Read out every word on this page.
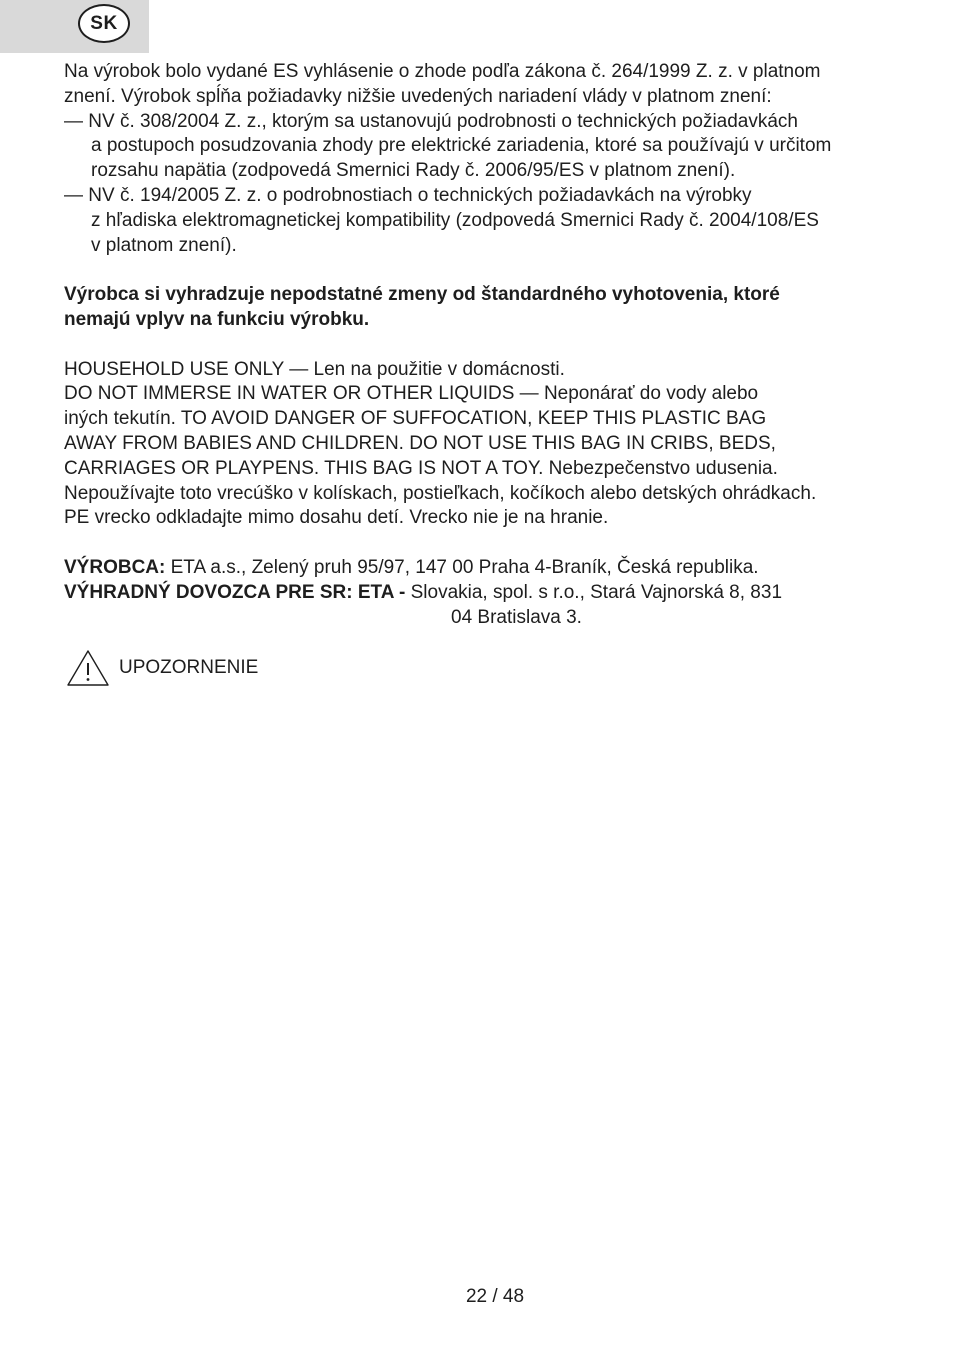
SK

Na výrobok bolo vydané ES vyhlásenie o zhode podľa zákona č. 264/1999 Z. z. v platnom

znení. Výrobok spĺňa požiadavky nižšie uvedených nariadení vlády v platnom znení:

— NV č. 308/2004 Z. z., ktorým sa ustanovujú podrobnosti o technických požiadavkách

a postupoch posudzovania zhody pre elektrické zariadenia, ktoré sa používajú v určitom

rozsahu napätia (zodpovedá Smernici Rady č. 2006/95/ES v platnom znení).

— NV č. 194/2005 Z. z. o podrobnostiach o technických požiadavkách na výrobky

z hľadiska elektromagnetickej kompatibility (zodpovedá Smernici Rady č. 2004/108/ES

v platnom znení).

Výrobca si vyhradzuje nepodstatné zmeny od štandardného vyhotovenia, ktoré

nemajú vplyv na funkciu výrobku.

HOUSEHOLD USE ONLY — Len na použitie v domácnosti.

DO NOT IMMERSE IN WATER OR OTHER LIQUIDS — Neponárať do vody alebo

iných tekutín. TO AVOID DANGER OF SUFFOCATION, KEEP THIS PLASTIC BAG

AWAY FROM BABIES AND CHILDREN. DO NOT USE THIS BAG IN CRIBS, BEDS,

CARRIAGES OR PLAYPENS. THIS BAG IS NOT A TOY. Nebezpečenstvo udusenia.

Nepoužívajte toto vrecúško v kolískach, postieľkach, kočíkoch alebo detských ohrádkach.

PE vrecko odkladajte mimo dosahu detí. Vrecko nie je na hranie.

VÝROBCA: ETA a.s., Zelený pruh 95/97, 147 00 Praha 4-Braník, Česká republika.

VÝHRADNÝ DOVOZCA PRE SR: ETA - Slovakia, spol. s r.o., Stará Vajnorská 8, 831

04 Bratislava 3.

UPOZORNENIE
22 / 48
